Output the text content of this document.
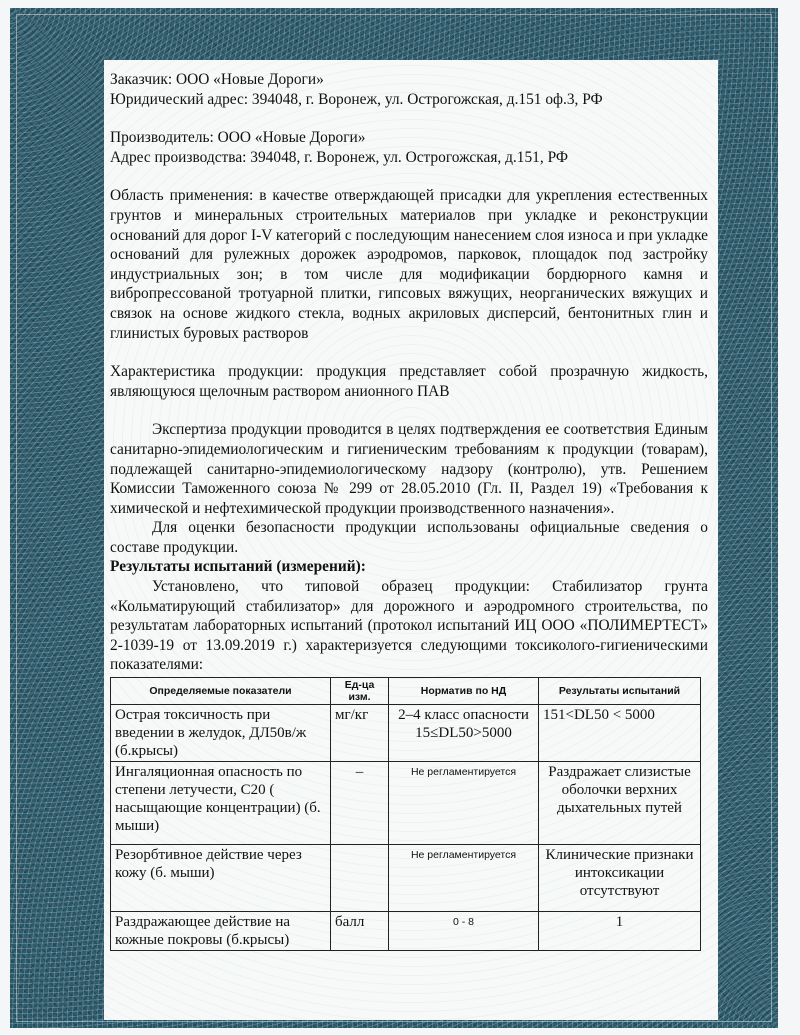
Заказчик: ООО «Новые Дороги»

Юридический адрес: 394048, г. Воронеж, ул. Острогожская, д.151 оф.3, РФ

Производитель: ООО «Новые Дороги»

Адрес производства: 394048, г. Воронеж, ул. Острогожская, д.151, РФ

Область применения: в качестве отверждающей присадки для укрепления естественных грунтов и минеральных строительных материалов при укладке и реконструкции оснований для дорог I-V категорий с последующим нанесением слоя износа и при укладке оснований для рулежных дорожек аэродромов, парковок, площадок под застройку индустриальных зон; в том числе для модификации бордюрного камня и вибропрессованой тротуарной плитки, гипсовых вяжущих, неорганических вяжущих и связок на основе жидкого стекла, водных акриловых дисперсий, бентонитных глин и глинистых буровых растворов

Характеристика продукции: продукция представляет собой прозрачную жидкость, являющуюся щелочным раствором анионного ПАВ

Экспертиза продукции проводится в целях подтверждения ее соответствия Единым санитарно-эпидемиологическим и гигиеническим требованиям к продукции (товарам), подлежащей санитарно-эпидемиологическому надзору (контролю), утв. Решением Комиссии Таможенного союза № 299 от 28.05.2010 (Гл. II, Раздел 19) «Требования к химической и нефтехимической продукции производственного назначения».

Для оценки безопасности продукции использованы официальные сведения о составе продукции.

Результаты испытаний (измерений):

Установлено, что типовой образец продукции: Стабилизатор грунта «Кольматирующий стабилизатор» для дорожного и аэродромного строительства, по результатам лабораторных испытаний (протокол испытаний ИЦ ООО «ПОЛИМЕРТЕСТ» 2-1039-19 от 13.09.2019 г.) характеризуется следующими токсиколого-гигиеническими показателями:

Определяемые показатели	Ед-ца изм.	Норматив по НД	Результаты испытаний
Острая токсичность при введении в желудок, ДЛ50в/ж (б.крысы)	мг/кг	2–4 класс опасности 15≤DL50>5000	151<DL50 < 5000
Ингаляционная опасность по степени летучести, С20 ( насыщающие концентрации) (б. мыши)	–	Не регламентируется	Раздражает слизистые оболочки верхних дыхательных путей
Резорбтивное действие через кожу (б. мыши)		Не регламентируется	Клинические признаки интоксикации отсутствуют
Раздражающее действие на кожные покровы (б.крысы)	балл	0 - 8	1
